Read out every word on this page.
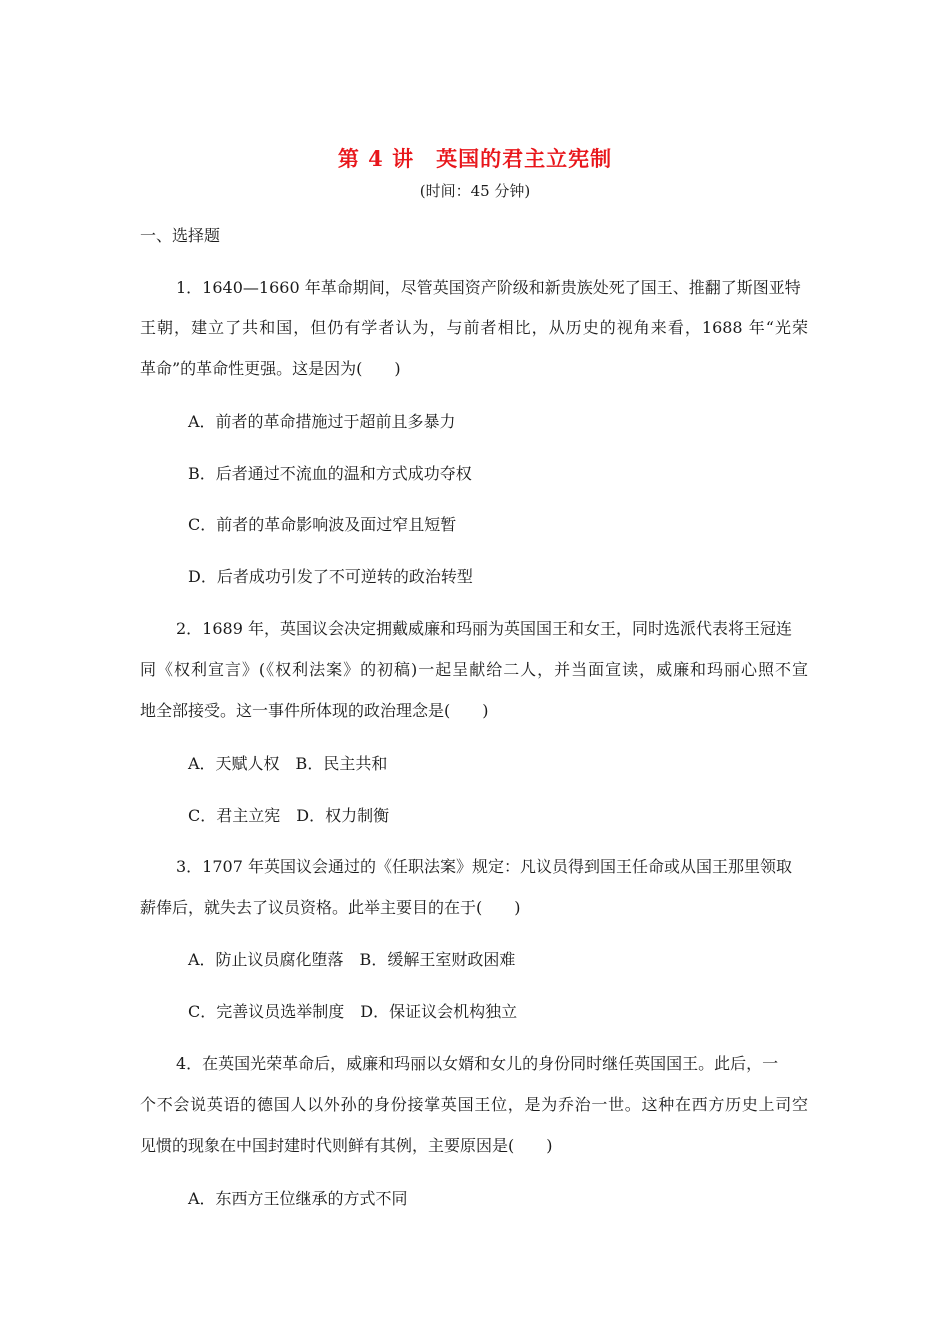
第 4 讲　英国的君主立宪制
(时间：45 分钟)
一、选择题
1．1640—1660 年革命期间，尽管英国资产阶级和新贵族处死了国王、推翻了斯图亚特
王朝，建立了共和国，但仍有学者认为，与前者相比，从历史的视角来看，1688 年“光荣
革命”的革命性更强。这是因为(　　)
A．前者的革命措施过于超前且多暴力
B．后者通过不流血的温和方式成功夺权
C．前者的革命影响波及面过窄且短暂
D．后者成功引发了不可逆转的政治转型
2．1689 年，英国议会决定拥戴威廉和玛丽为英国国王和女王，同时选派代表将王冠连
同《权利宣言》(《权利法案》的初稿)一起呈献给二人，并当面宣读，威廉和玛丽心照不宣
地全部接受。这一事件所体现的政治理念是(　　)
A．天赋人权　B．民主共和
C．君主立宪　D．权力制衡
3．1707 年英国议会通过的《任职法案》规定：凡议员得到国王任命或从国王那里领取
薪俸后，就失去了议员资格。此举主要目的在于(　　)
A．防止议员腐化堕落　B．缓解王室财政困难
C．完善议员选举制度　D．保证议会机构独立
4．在英国光荣革命后，威廉和玛丽以女婿和女儿的身份同时继任英国国王。此后，一
个不会说英语的德国人以外孙的身份接掌英国王位，是为乔治一世。这种在西方历史上司空
见惯的现象在中国封建时代则鲜有其例，主要原因是(　　)
A．东西方王位继承的方式不同
